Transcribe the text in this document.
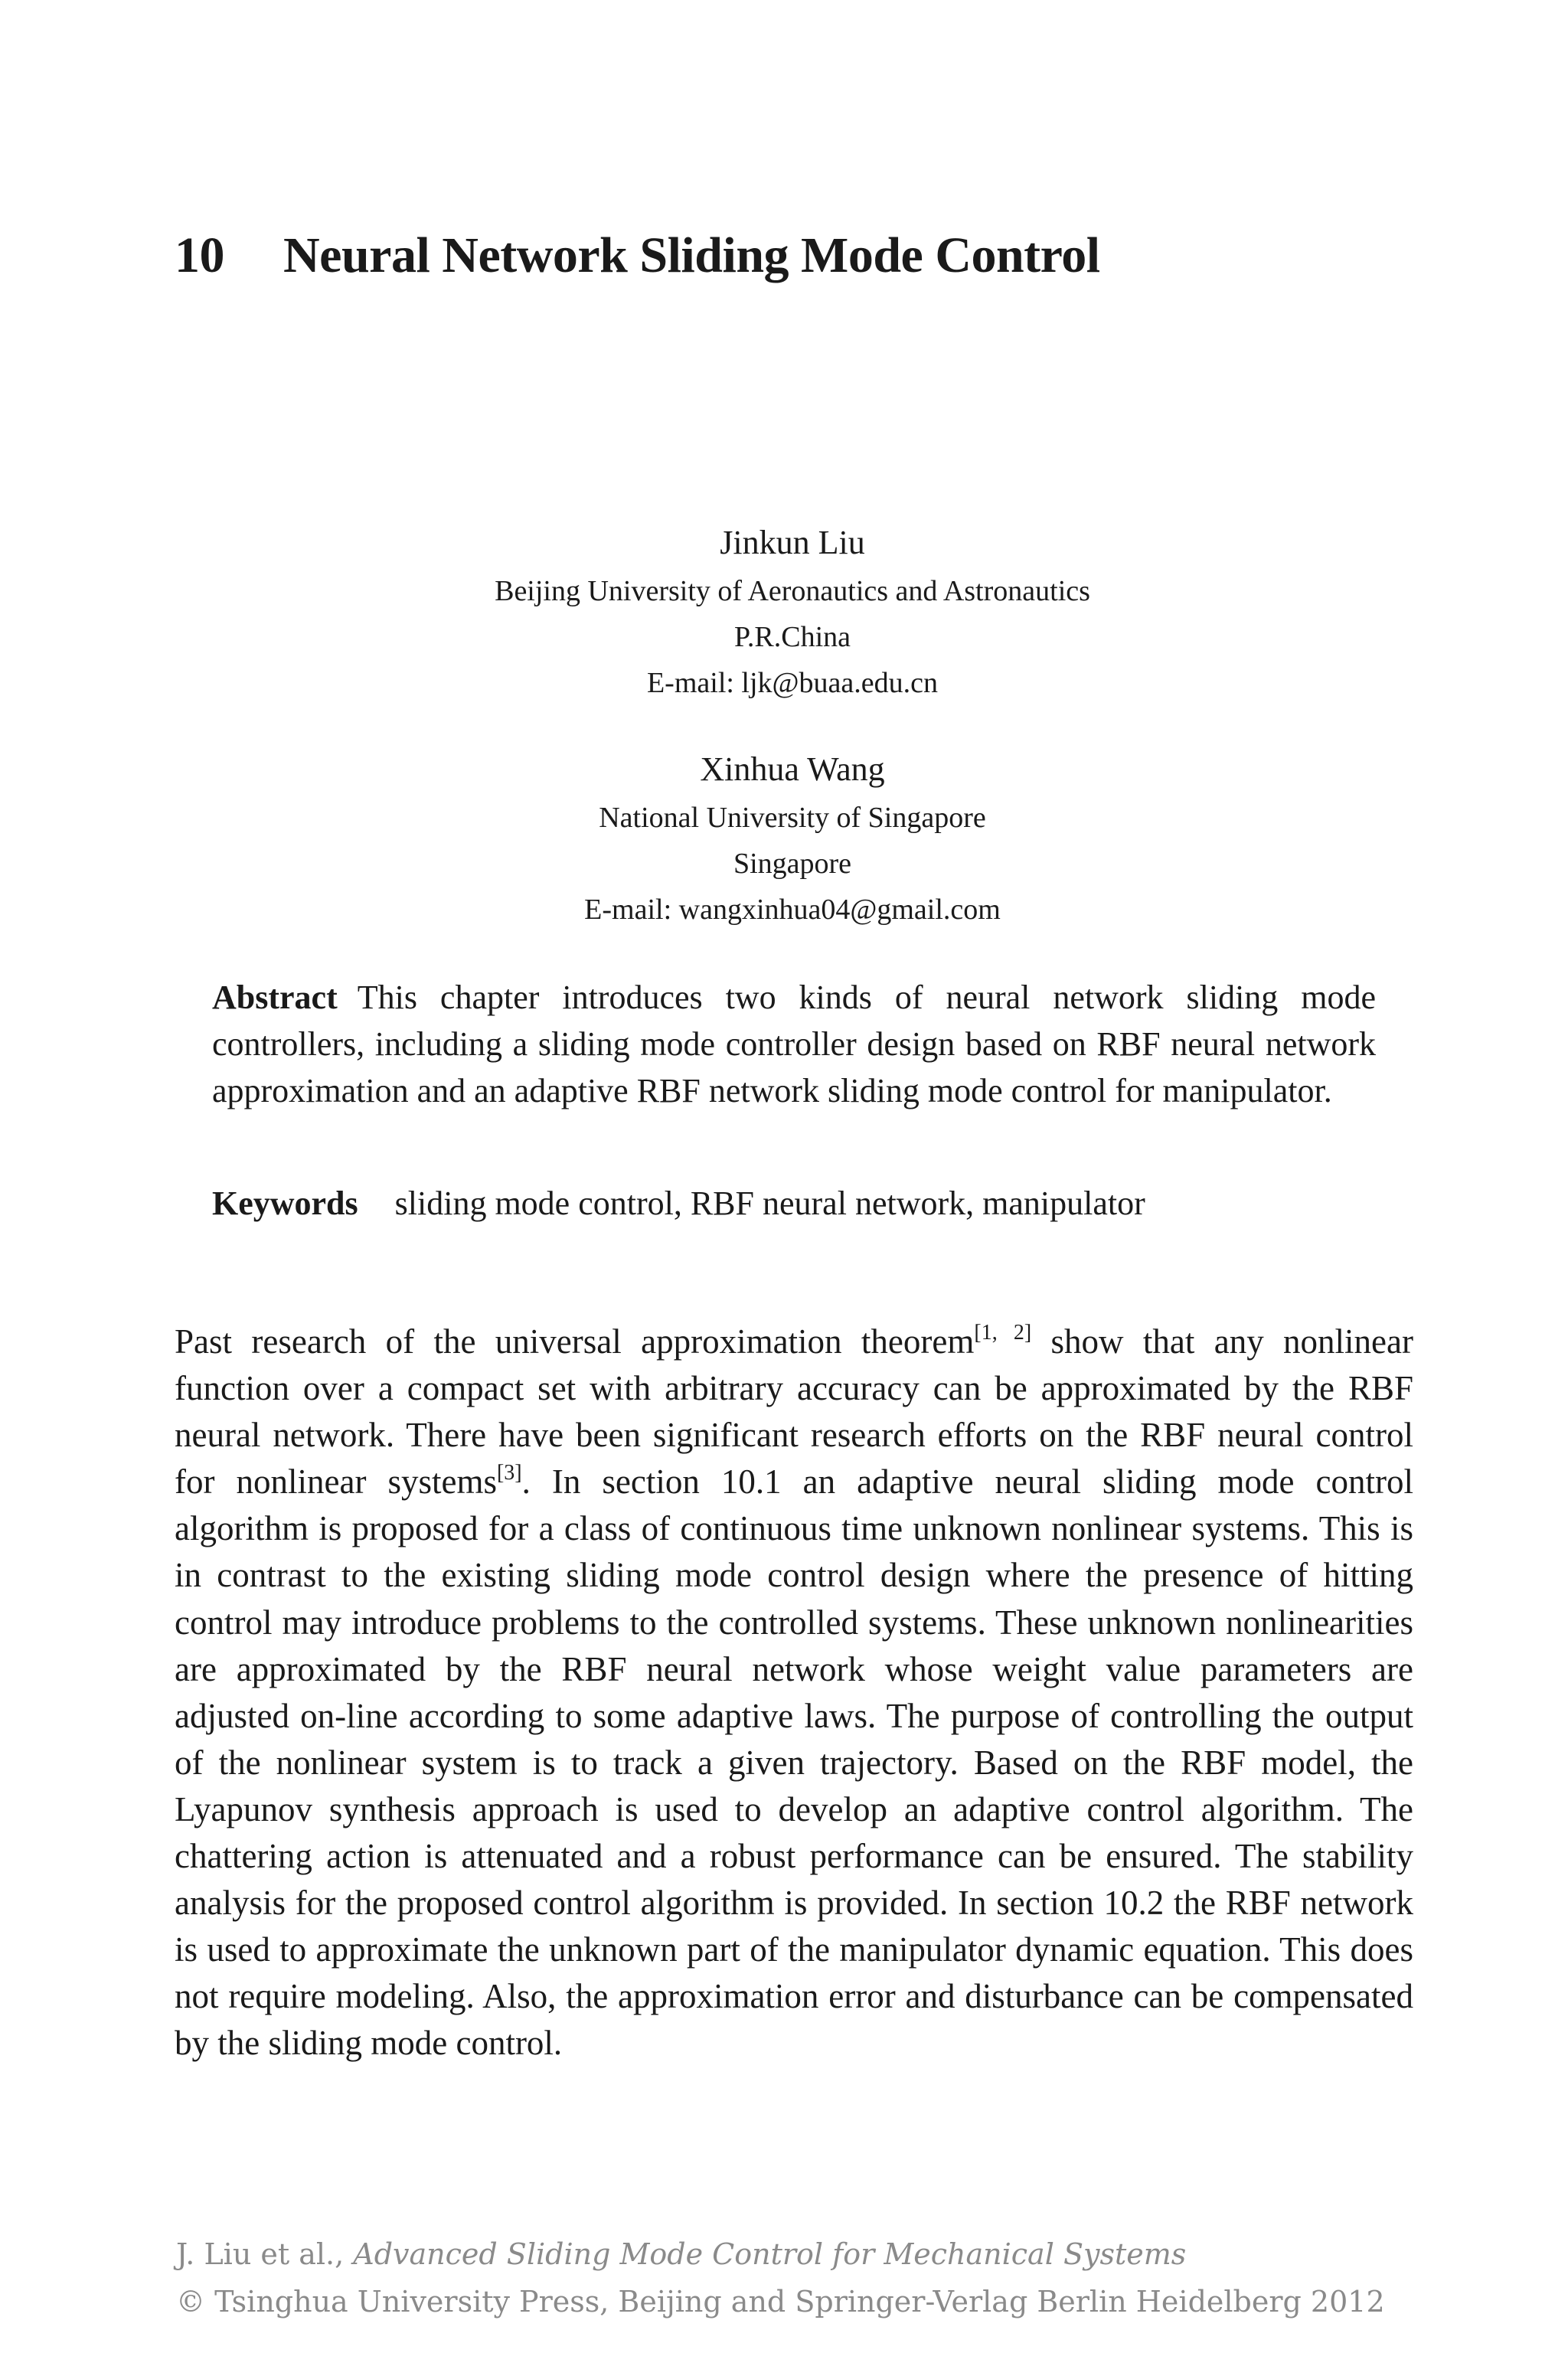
10 Neural Network Sliding Mode Control
Jinkun Liu
Beijing University of Aeronautics and Astronautics
P.R.China
E-mail: ljk@buaa.edu.cn
Xinhua Wang
National University of Singapore
Singapore
E-mail: wangxinhua04@gmail.com
Abstract This chapter introduces two kinds of neural network sliding mode controllers, including a sliding mode controller design based on RBF neural network approximation and an adaptive RBF network sliding mode control for manipulator.
Keywords sliding mode control, RBF neural network, manipulator
Past research of the universal approximation theorem[1, 2] show that any nonlinear function over a compact set with arbitrary accuracy can be approximated by the RBF neural network. There have been significant research efforts on the RBF neural control for nonlinear systems[3]. In section 10.1 an adaptive neural sliding mode control algorithm is proposed for a class of continuous time unknown nonlinear systems. This is in contrast to the existing sliding mode control design where the presence of hitting control may introduce problems to the controlled systems. These unknown nonlinearities are approximated by the RBF neural network whose weight value parameters are adjusted on-line according to some adaptive laws. The purpose of controlling the output of the nonlinear system is to track a given trajectory. Based on the RBF model, the Lyapunov synthesis approach is used to develop an adaptive control algorithm. The chattering action is attenuated and a robust performance can be ensured. The stability analysis for the proposed control algorithm is provided. In section 10.2 the RBF network is used to approximate the unknown part of the manipulator dynamic equation. This does not require modeling. Also, the approximation error and disturbance can be compensated by the sliding mode control.
J. Liu et al., Advanced Sliding Mode Control for Mechanical Systems
© Tsinghua University Press, Beijing and Springer-Verlag Berlin Heidelberg 2012
